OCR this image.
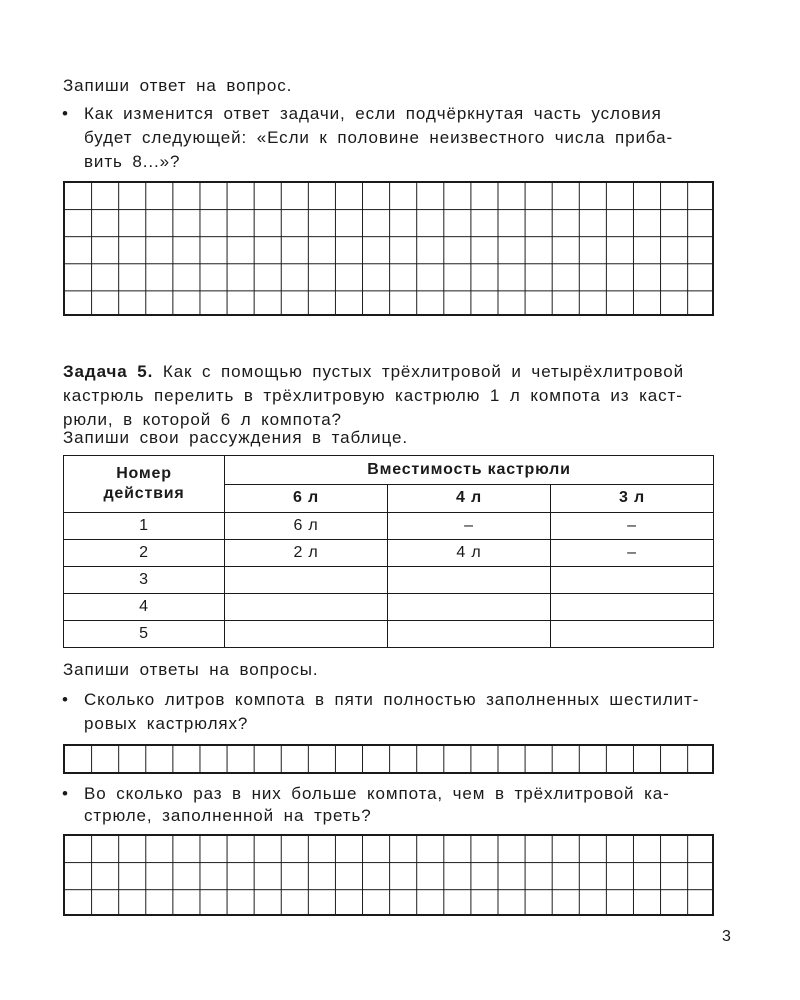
Запиши ответ на вопрос.

• Как изменится ответ задачи, если подчёркнутая часть условия

будет следующей: «Если к половине неизвестного числа приба-

вить 8...»?

Задача 5. Как с помощью пустых трёхлитровой и четырёхлитровой

кастрюль перелить в трёхлитровую кастрюлю 1 л компота из каст-

рюли, в которой 6 л компота?

Запиши свои рассуждения в таблице.

Номер
действия	Вместимость кастрюли		
	6 л	4 л	3 л
1	6 л	–	–
2	2 л	4 л	–
3			
4			
5			

Запиши ответы на вопросы.

• Сколько литров компота в пяти полностью заполненных шестилит-

ровых кастрюлях?

• Во сколько раз в них больше компота, чем в трёхлитровой ка-

стрюле, заполненной на треть?

3
